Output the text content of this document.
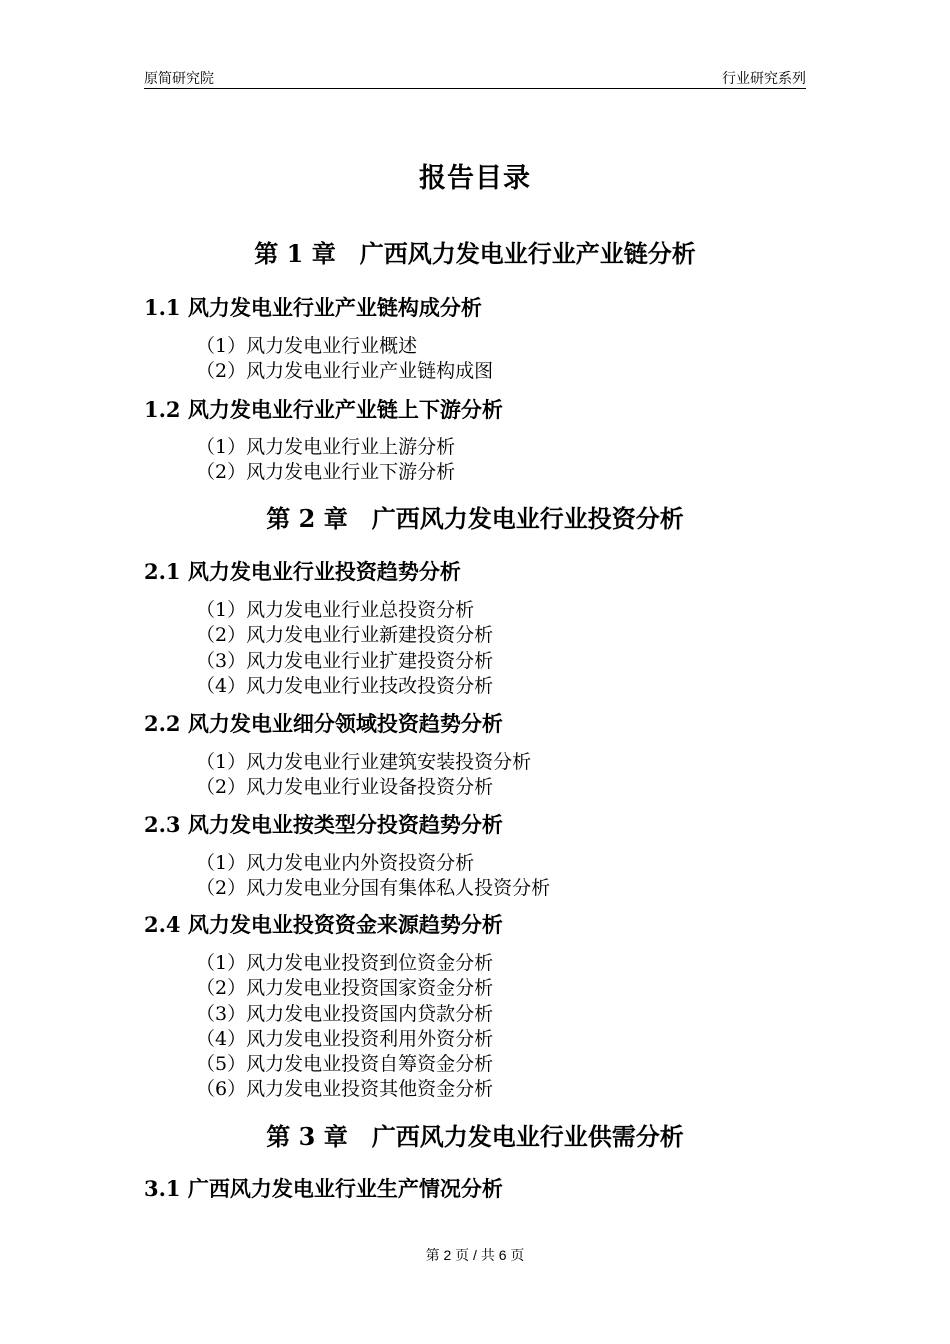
原简研究院	行业研究系列
报告目录
第 1 章　广西风力发电业行业产业链分析
1.1 风力发电业行业产业链构成分析
（1）风力发电业行业概述
（2）风力发电业行业产业链构成图
1.2 风力发电业行业产业链上下游分析
（1）风力发电业行业上游分析
（2）风力发电业行业下游分析
第 2 章　广西风力发电业行业投资分析
2.1 风力发电业行业投资趋势分析
（1）风力发电业行业总投资分析
（2）风力发电业行业新建投资分析
（3）风力发电业行业扩建投资分析
（4）风力发电业行业技改投资分析
2.2 风力发电业细分领域投资趋势分析
（1）风力发电业行业建筑安装投资分析
（2）风力发电业行业设备投资分析
2.3 风力发电业按类型分投资趋势分析
（1）风力发电业内外资投资分析
（2）风力发电业分国有集体私人投资分析
2.4 风力发电业投资资金来源趋势分析
（1）风力发电业投资到位资金分析
（2）风力发电业投资国家资金分析
（3）风力发电业投资国内贷款分析
（4）风力发电业投资利用外资分析
（5）风力发电业投资自筹资金分析
（6）风力发电业投资其他资金分析
第 3 章　广西风力发电业行业供需分析
3.1 广西风力发电业行业生产情况分析
第 2 页 / 共 6 页
